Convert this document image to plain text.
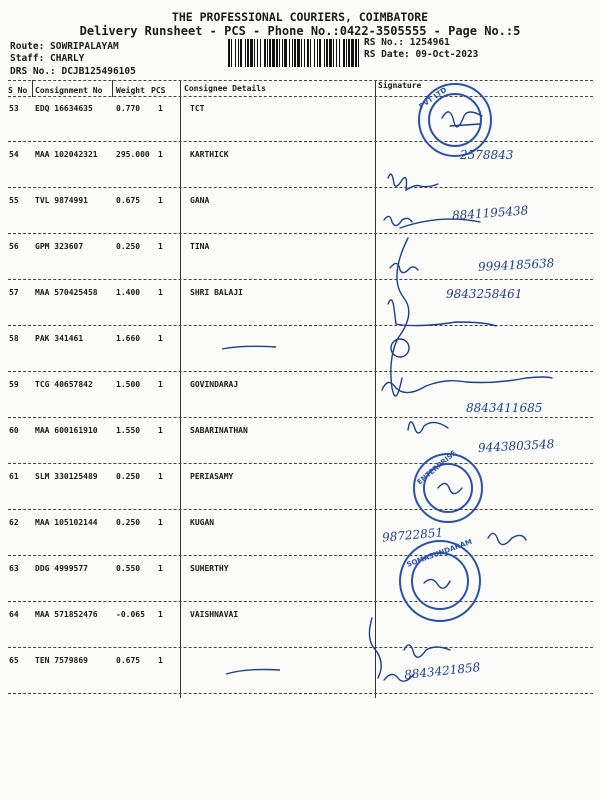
THE PROFESSIONAL COURIERS, COIMBATORE
Delivery Runsheet - PCS - Phone No.:0422-3505555 - Page No.:5
Route: SOWRIPALAYAM
Staff: CHARLY
DRS No.: DCJB125496105
RS No.: 1254961
RS Date: 09-Oct-2023
S No Consignment No Weight PCS Consignee Details	Signature
53 EDQ 16634635	0.770 1	TCT
54 MAA 102042321 295.000 1	KARTHICK
55 TVL 9874991	0.675 1	GANA
56 GPM 323607	0.250 1	TINA
57 MAA 570425458 1.400 1	SHRI BALAJI
58 PAK 341461	1.660 1
59 TCG 40657842	1.500 1	GOVINDARAJ
60 MAA 600161910 1.550 1	SABARINATHAN
61 SLM 330125489 0.250 1	PERIASAMY
62 MAA 105102144 0.250 1	KUGAN
63 DDG 4999577	0.550 1	SUHERTHY
64 MAA 571852476 -0.065 1	VAISHNAVAI
65 TEN 7579869	0.675 1
PVT LTD
ENTERPRISE
SOMASUNDARAM
2578843
8841195438
9994185638
9843258461
8843411685
9443803548
98722851
8843421858
